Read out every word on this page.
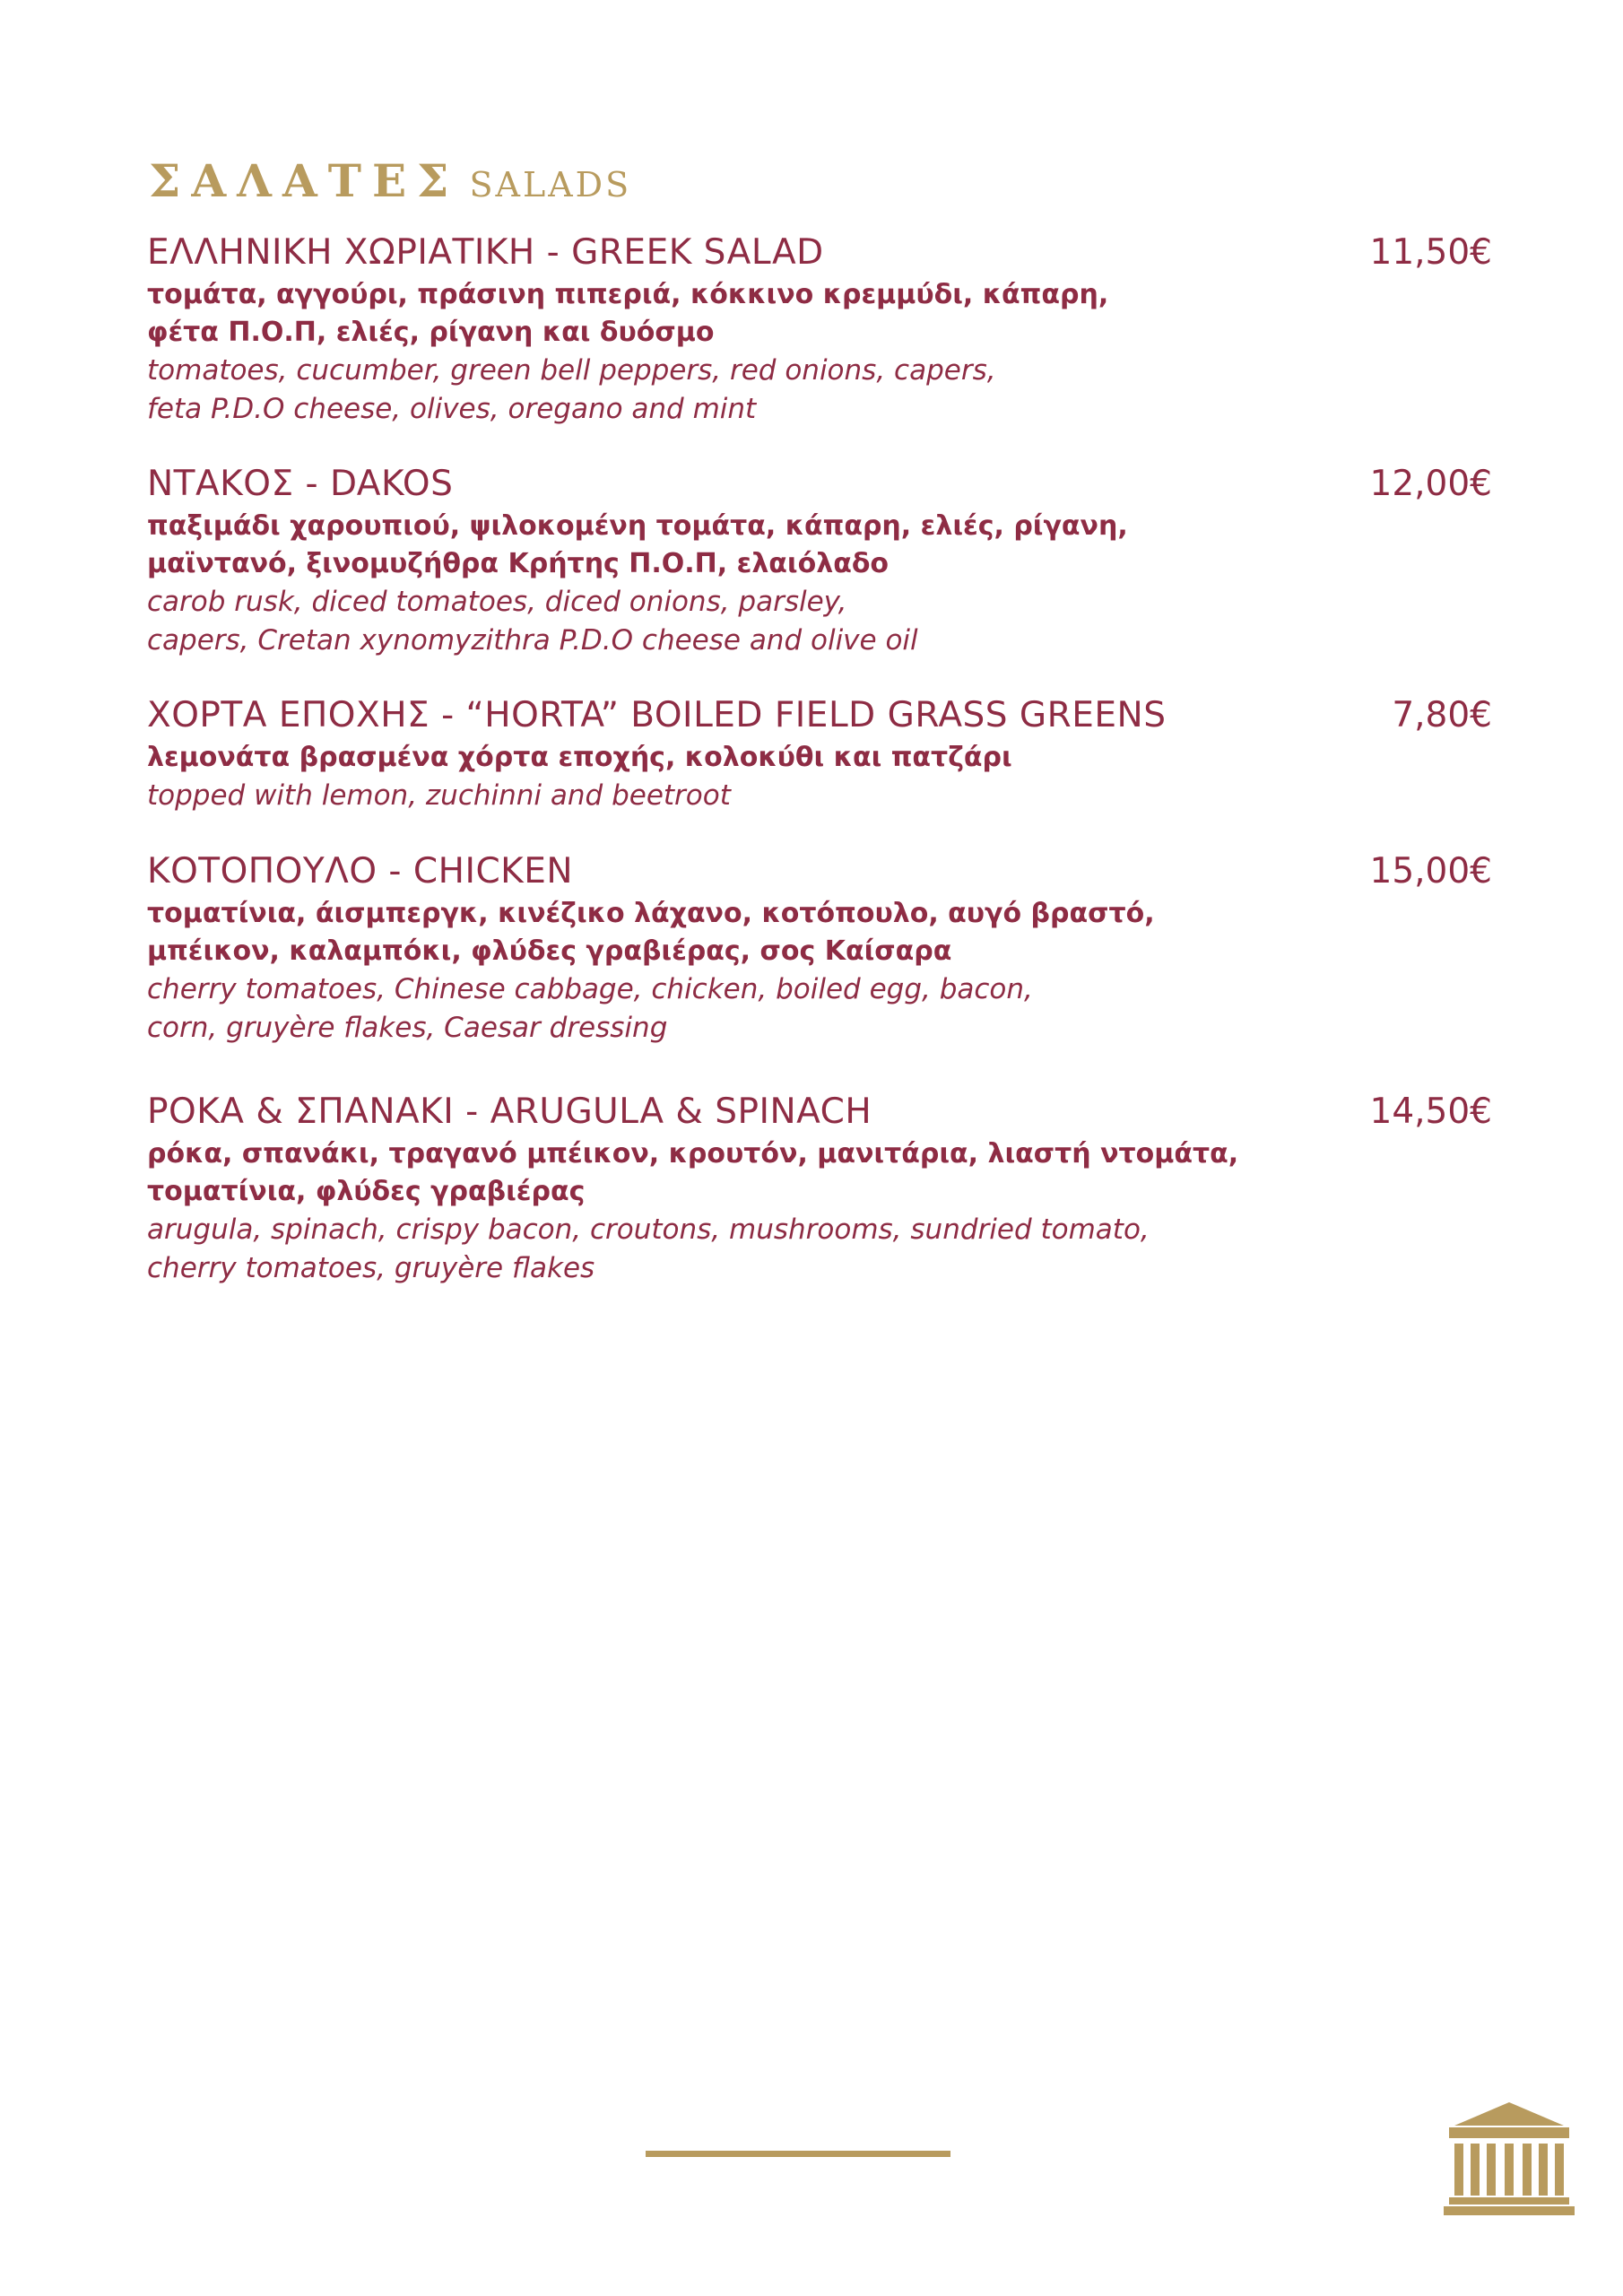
ΣΑΛΑΤΕΣ SALADS
ΕΛΛΗΝΙΚΗ ΧΩΡΙΑΤΙΚΗ - GREEK SALAD	11,50€
τομάτα, αγγούρι, πράσινη πιπεριά, κόκκινο κρεμμύδι, κάπαρη,
φέτα Π.Ο.Π, ελιές, ρίγανη και δυόσμο
tomatoes, cucumber, green bell peppers, red onions, capers,
feta P.D.O cheese, olives, oregano and mint
ΝΤΑΚΟΣ - DAKOS	12,00€
παξιμάδι χαρουπιού, ψιλοκομένη τομάτα, κάπαρη, ελιές, ρίγανη,
μαϊντανό, ξινομυζήθρα Κρήτης Π.Ο.Π, ελαιόλαδο
carob rusk, diced tomatoes, diced onions, parsley,
capers, Cretan xynomyzithra P.D.O cheese and olive oil
ΧΟΡΤΑ ΕΠΟΧΗΣ - “HORTA” BOILED FIELD GRASS GREENS	7,80€
λεμονάτα βρασμένα χόρτα εποχής, κολοκύθι και πατζάρι
topped with lemon, zuchinni and beetroot
ΚΟΤΟΠΟΥΛΟ - CHICKEN	15,00€
τοματίνια, άισμπεργκ, κινέζικο λάχανο, κοτόπουλο, αυγό βραστό,
μπέικον, καλαμπόκι, φλύδες γραβιέρας, σος Καίσαρα
cherry tomatoes, Chinese cabbage, chicken, boiled egg, bacon,
corn, gruyère flakes, Caesar dressing
ΡΟΚΑ & ΣΠΑΝΑΚΙ - ARUGULA & SPINACH	14,50€
ρόκα, σπανάκι, τραγανό μπέικον, κρουτόν, μανιτάρια, λιαστή ντομάτα,
τοματίνια, φλύδες γραβιέρας
arugula, spinach, crispy bacon, croutons, mushrooms, sundried tomato,
cherry tomatoes, gruyère flakes
